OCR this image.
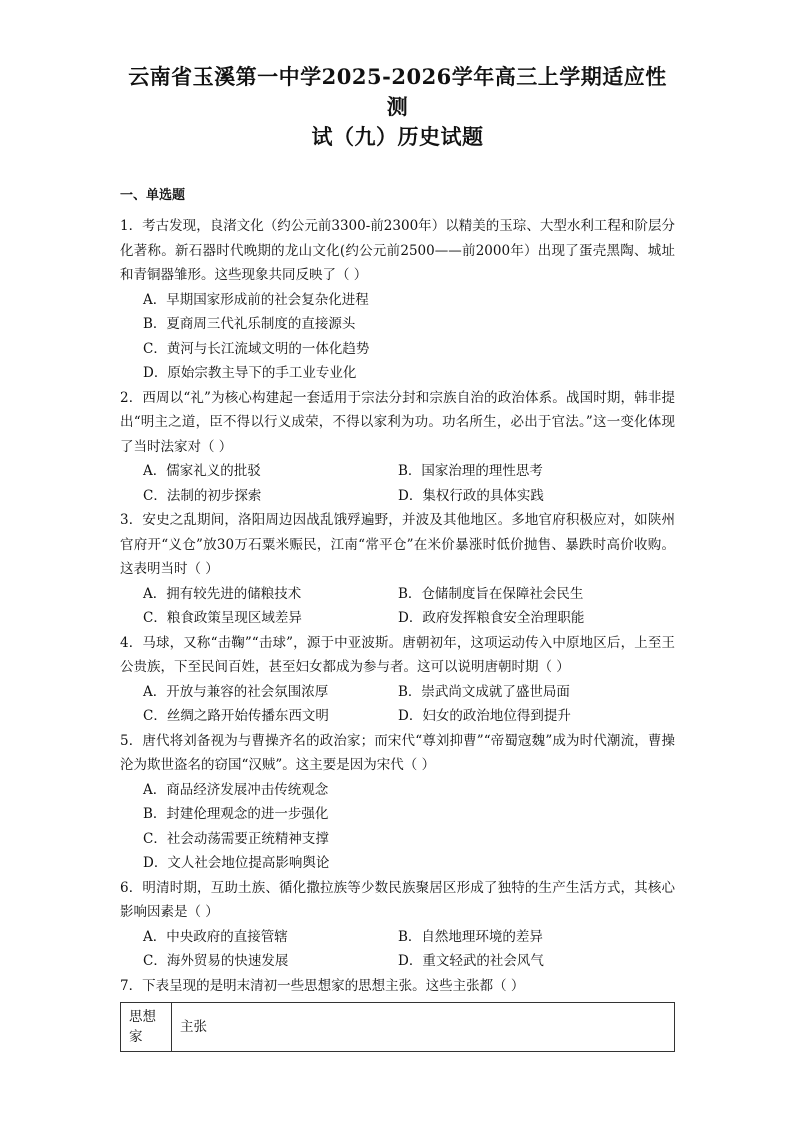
云南省玉溪第一中学2025-2026学年高三上学期适应性测
试（九）历史试题
一、单选题

1．考古发现，良渚文化（约公元前3300-前2300年）以精美的玉琮、大型水利工程和阶层分化著称。新石器时代晚期的龙山文化(约公元前2500——前2000年）出现了蛋壳黑陶、城址和青铜器雏形。这些现象共同反映了（ ）

A．早期国家形成前的社会复杂化进程
B．夏商周三代礼乐制度的直接源头
C．黄河与长江流域文明的一体化趋势
D．原始宗教主导下的手工业专业化

2．西周以“礼”为核心构建起一套适用于宗法分封和宗族自治的政治体系。战国时期，韩非提出“明主之道，臣不得以行义成荣，不得以家利为功。功名所生，必出于官法。”这一变化体现了当时法家对（ ）

A．儒家礼义的批驳	B．国家治理的理性思考
C．法制的初步探索	D．集权行政的具体实践

3．安史之乱期间，洛阳周边因战乱饿殍遍野，并波及其他地区。多地官府积极应对，如陕州官府开“义仓”放30万石粟米赈民，江南“常平仓”在米价暴涨时低价抛售、暴跌时高价收购。这表明当时（ ）

A．拥有较先进的储粮技术	B．仓储制度旨在保障社会民生
C．粮食政策呈现区域差异	D．政府发挥粮食安全治理职能

4．马球，又称“击鞠”“击球”，源于中亚波斯。唐朝初年，这项运动传入中原地区后，上至王公贵族，下至民间百姓，甚至妇女都成为参与者。这可以说明唐朝时期（ ）

A．开放与兼容的社会氛围浓厚	B．崇武尚文成就了盛世局面
C．丝绸之路开始传播东西文明	D．妇女的政治地位得到提升

5．唐代将刘备视为与曹操齐名的政治家；而宋代“尊刘抑曹”“帝蜀寇魏”成为时代潮流，曹操沦为欺世盗名的窃国“汉贼”。这主要是因为宋代（ ）

A．商品经济发展冲击传统观念
B．封建伦理观念的进一步强化
C．社会动荡需要正统精神支撑
D．文人社会地位提高影响舆论

6．明清时期，互助土族、循化撒拉族等少数民族聚居区形成了独特的生产生活方式，其核心影响因素是（ ）

A．中央政府的直接管辖	B．自然地理环境的差异
C．海外贸易的快速发展	D．重文轻武的社会风气

7．下表呈现的是明末清初一些思想家的思想主张。这些主张都（ ）

思想家	主张
